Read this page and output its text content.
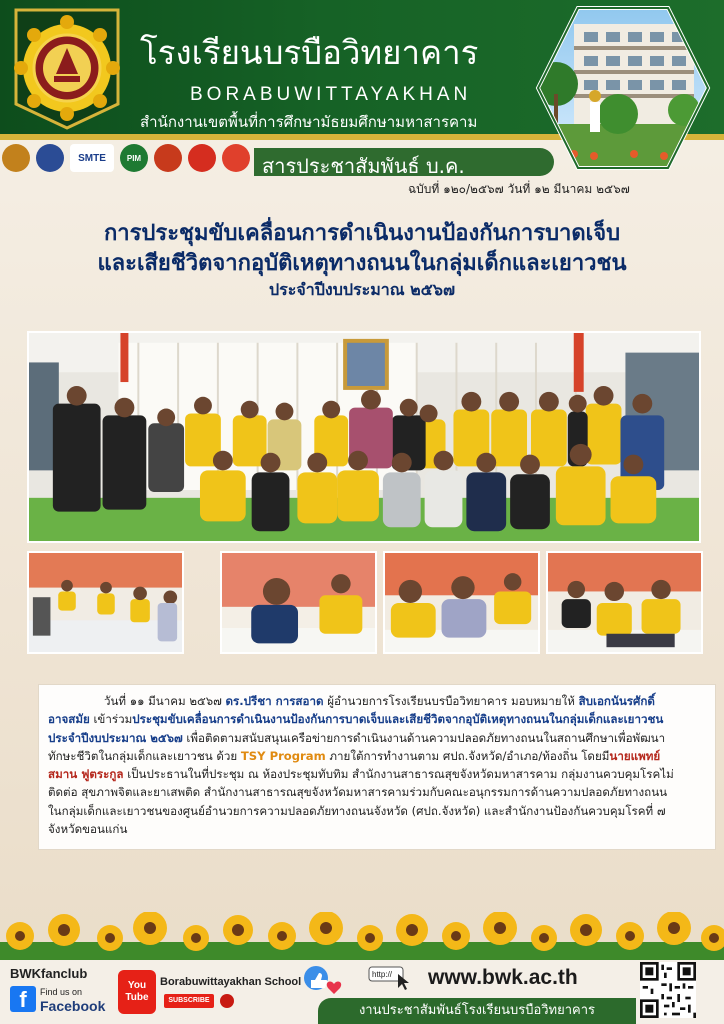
โรงเรียนบรบือวิทยาคาร
BORABUWITTAYAKHAN
สำนักงานเขตพื้นที่การศึกษามัธยมศึกษามหาสารคาม
SMTE	PIM	สารประชาสัมพันธ์ บ.ค.
ฉบับที่ ๑๒๐/๒๕๖๗ วันที่ ๑๒ มีนาคม ๒๕๖๗
การประชุมขับเคลื่อนการดำเนินงานป้องกันการบาดเจ็บ
และเสียชีวิตจากอุบัติเหตุทางถนนในกลุ่มเด็กและเยาวชน
ประจำปีงบประมาณ ๒๕๖๗

วันที่ ๑๑ มีนาคม ๒๕๖๗ ดร.ปรีชา การสอาด ผู้อำนวยการโรงเรียนบรบือวิทยาคาร มอบหมายให้ สิบเอกนันรศักดิ์

อาจสมัย เข้าร่วมประชุมขับเคลื่อนการดำเนินงานป้องกันการบาดเจ็บและเสียชีวิตจากอุบัติเหตุทางถนนในกลุ่มเด็กและเยาวชน

ประจำปีงบประมาณ ๒๕๖๗ เพื่อติดตามสนับสนุนเครือข่ายการดำเนินงานด้านความปลอดภัยทางถนนในสถานศึกษาเพื่อพัฒนา

ทักษะชีวิตในกลุ่มเด็กและเยาวชน ด้วย TSY Program ภายใต้การทำงานตาม ศปถ.จังหวัด/อำเภอ/ท้องถิ่น โดยมีนายแพทย์

สมาน ฟูตระกูล เป็นประธานในที่ประชุม ณ ห้องประชุมทับทิม สำนักงานสาธารณสุขจังหวัดมหาสารคาม กลุ่มงานควบคุมโรคไม่

ติดต่อ สุขภาพจิตและยาเสพติด สำนักงานสาธารณสุขจังหวัดมหาสารคามร่วมกับคณะอนุกรรมการด้านความปลอดภัยทางถนน

ในกลุ่มเด็กและเยาวชนของศูนย์อำนวยการความปลอดภัยทางถนนจังหวัด (ศปถ.จังหวัด) และสำนักงานป้องกันควบคุมโรคที่ ๗

จังหวัดขอนแก่น

BWKfanclub
f	Find us on
Facebook
You Tube
Borabuwittayakhan School
SUBSCRIBE
http:// www.bwk.ac.th
งานประชาสัมพันธ์โรงเรียนบรบือวิทยาคาร
